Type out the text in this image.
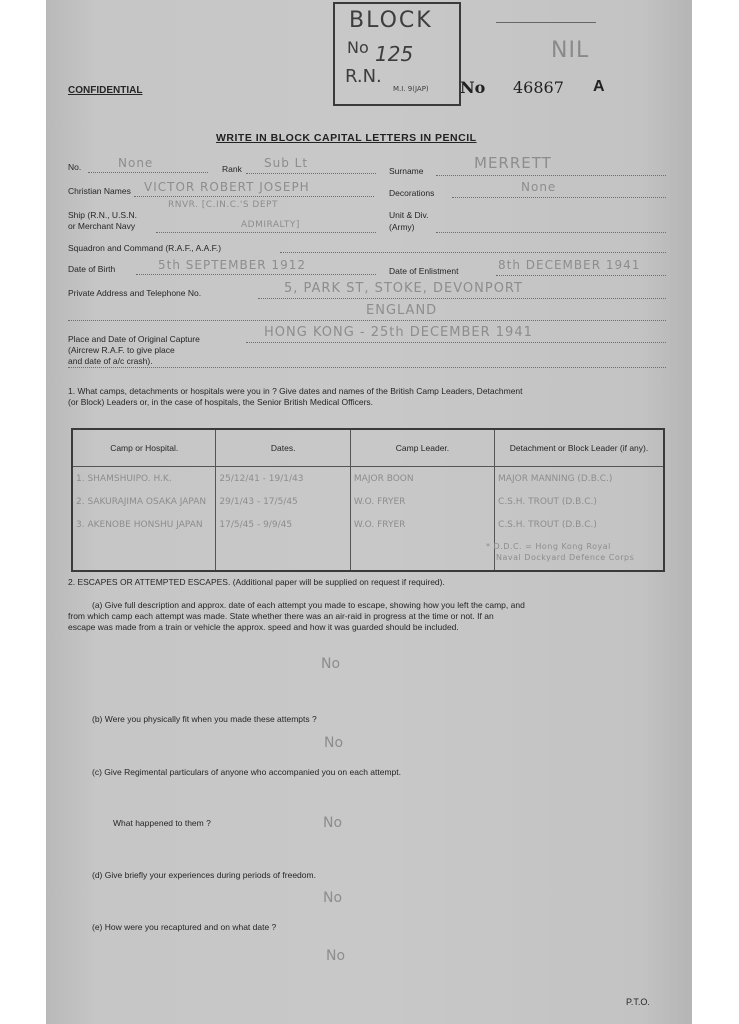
CONFIDENTIAL
BLOCK
No 125
R.N.
M.I. 9(JAP)
NIL
No 46867 A
WRITE IN BLOCK CAPITAL LETTERS IN PENCIL
No.	None	Rank Sub Lt
Surname	MERRETT
Christian Names VICTOR ROBERT JOSEPH	Decorations	None
Ship (R.N., U.S.N.
or Merchant Navy
RNVR. [C.IN.C.'S DEPT
ADMIRALTY]
Unit & Div.
(Army)
Squadron and Command (R.A.F., A.A.F.)
Date of Birth	5th SEPTEMBER 1912	Date of Enlistment	8th DECEMBER 1941
Private Address and Telephone No.	5, PARK ST, STOKE, DEVONPORT
ENGLAND
Place and Date of Original Capture
(Aircrew R.A.F. to give place
and date of a/c crash).
HONG KONG - 25th DECEMBER 1941
1. What camps, detachments or hospitals were you in ? Give dates and names of the British Camp Leaders, Detachment
(or Block) Leaders or, in the case of hospitals, the Senior British Medical Officers.
Camp or Hospital.	Dates.	Camp Leader.	Detachment or Block Leader (if any).
1. SHAMSHUIPO. H.K.	25/12/41 - 19/1/43	MAJOR BOON	MAJOR MANNING (D.B.C.)
2. SAKURAJIMA OSAKA JAPAN	29/1/43 - 17/5/45	W.O. FRYER	C.S.H. TROUT (D.B.C.)
3. AKENOBE HONSHU JAPAN	17/5/45 - 9/9/45	W.O. FRYER	C.S.H. TROUT (D.B.C.)

* D.D.C. = Hong Kong Royal
Naval Dockyard Defence Corps
2. ESCAPES OR ATTEMPTED ESCAPES. (Additional paper will be supplied on request if required).
(a) Give full description and approx. date of each attempt you made to escape, showing how you left the camp, and
from which camp each attempt was made. State whether there was an air-raid in progress at the time or not. If an
escape was made from a train or vehicle the approx. speed and how it was guarded should be included.
No
(b) Were you physically fit when you made these attempts ?
No
(c) Give Regimental particulars of anyone who accompanied you on each attempt.
What happened to them ?	No
(d) Give briefly your experiences during periods of freedom.
No
(e) How were you recaptured and on what date ?
No
P.T.O.
